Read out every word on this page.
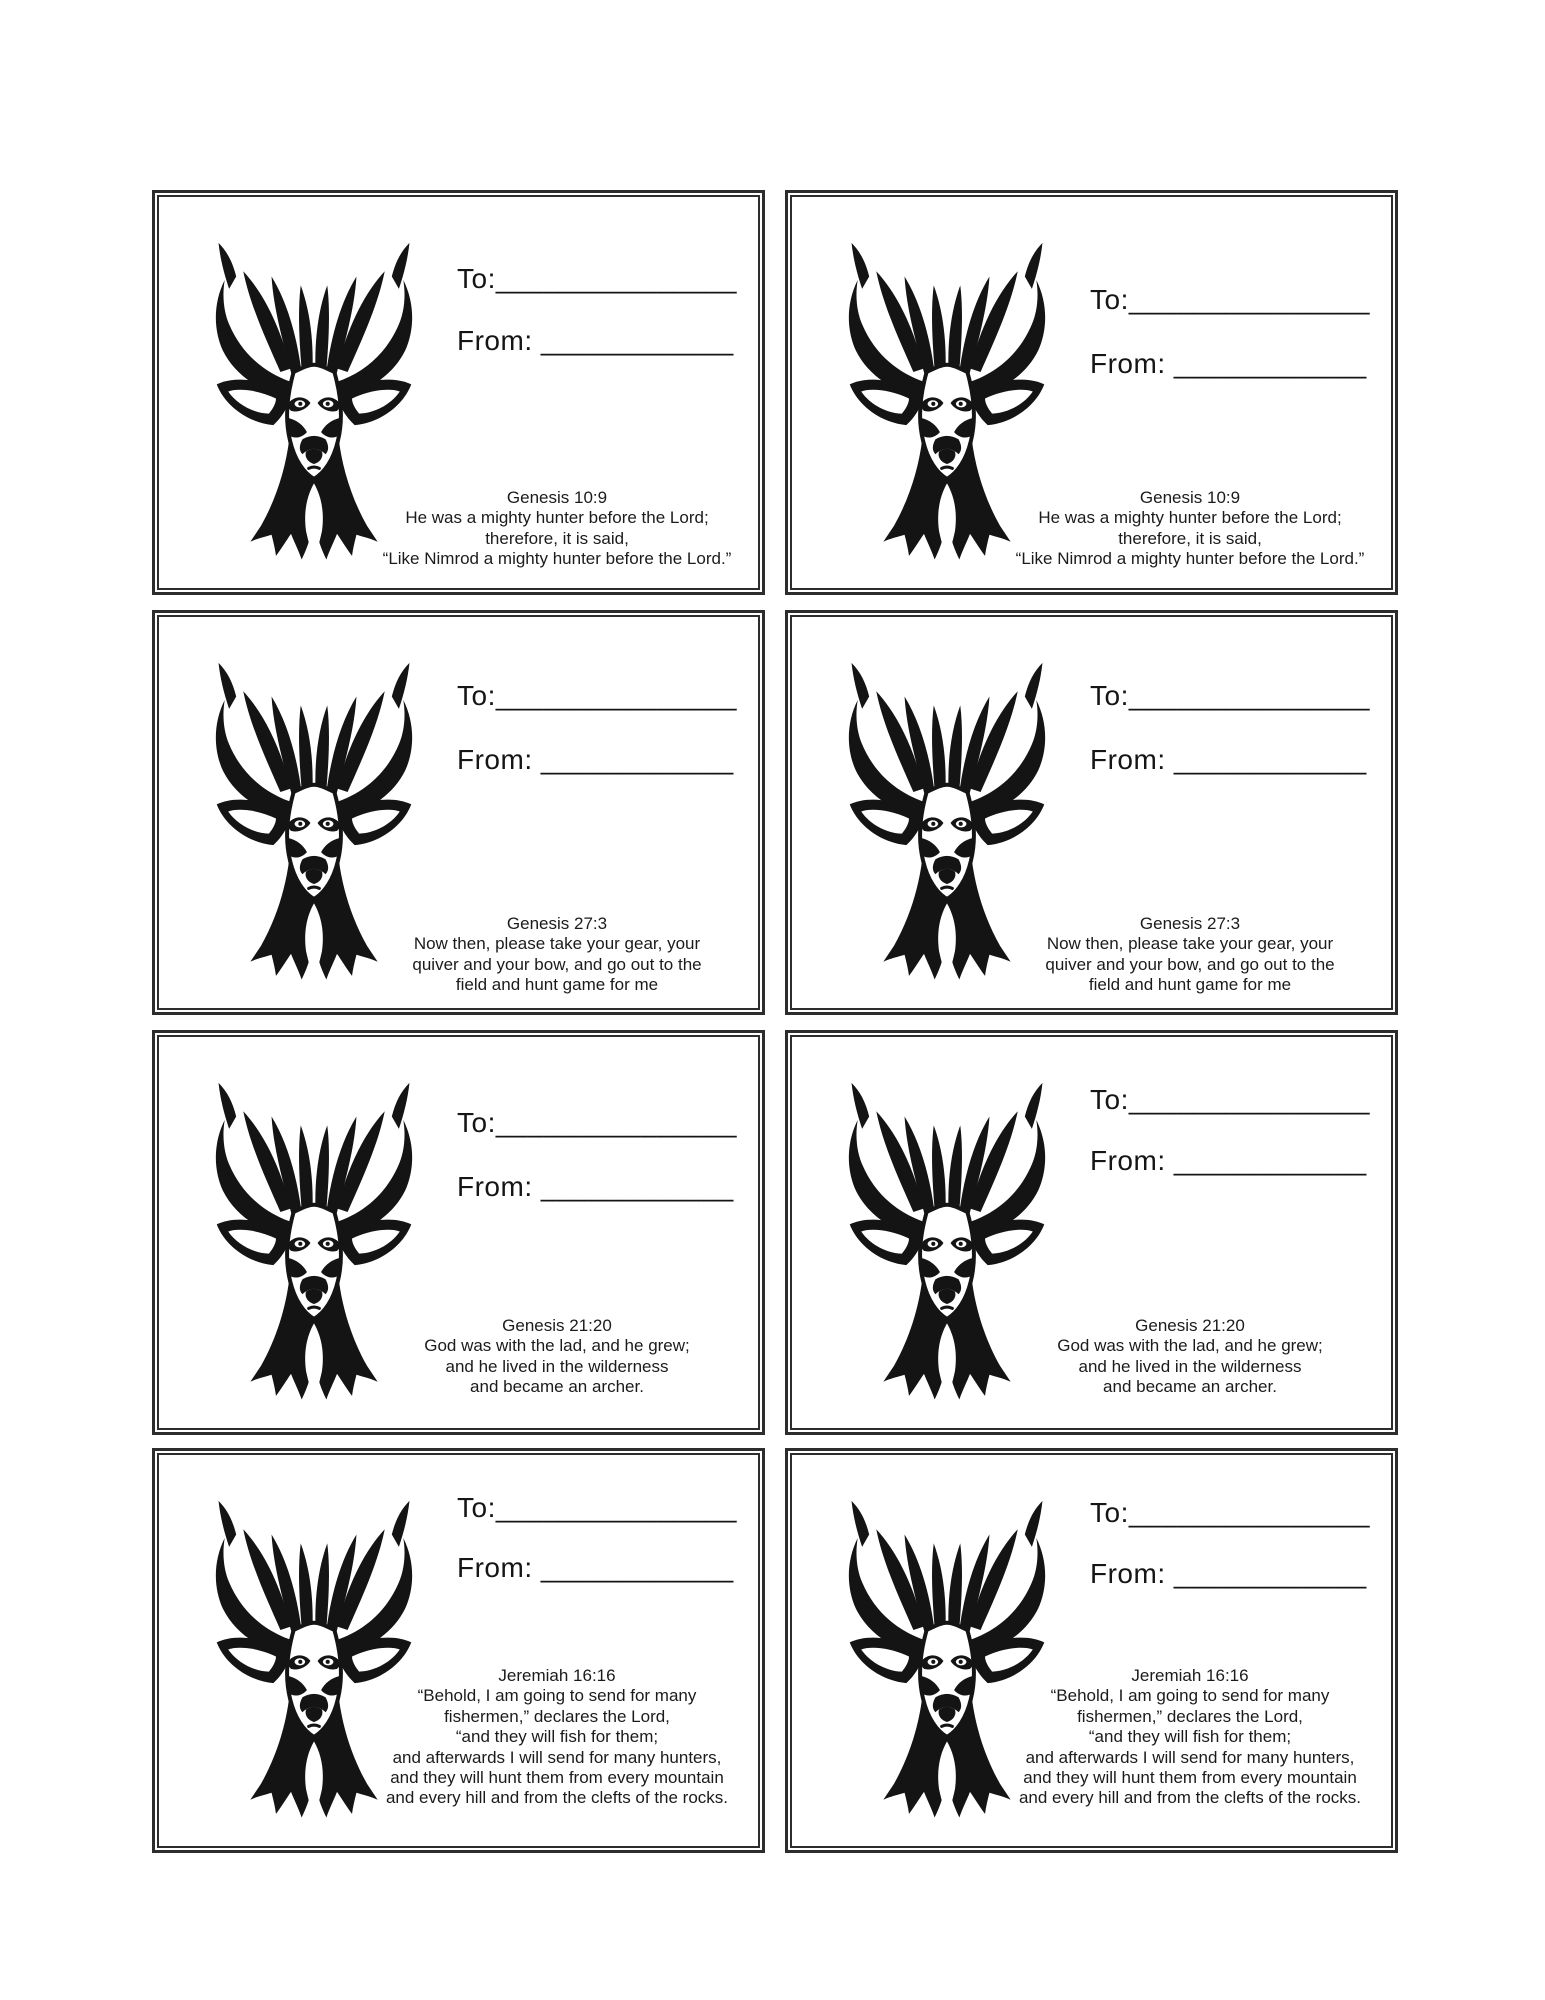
To:_______________
From: ____________
Genesis 10:9
He was a mighty hunter before the Lord;
therefore, it is said,
“Like Nimrod a mighty hunter before the Lord.”
To:_______________
From: ____________
Genesis 10:9
He was a mighty hunter before the Lord;
therefore, it is said,
“Like Nimrod a mighty hunter before the Lord.”
To:_______________
From: ____________
Genesis 27:3
Now then, please take your gear, your
quiver and your bow, and go out to the
field and hunt game for me
To:_______________
From: ____________
Genesis 27:3
Now then, please take your gear, your
quiver and your bow, and go out to the
field and hunt game for me
To:_______________
From: ____________
Genesis 21:20
God was with the lad, and he grew;
and he lived in the wilderness
and became an archer.
To:_______________
From: ____________
Genesis 21:20
God was with the lad, and he grew;
and he lived in the wilderness
and became an archer.
To:_______________
From: ____________
Jeremiah 16:16
“Behold, I am going to send for many
fishermen,” declares the Lord,
“and they will fish for them;
and afterwards I will send for many hunters,
and they will hunt them from every mountain
and every hill and from the clefts of the rocks.
To:_______________
From: ____________
Jeremiah 16:16
“Behold, I am going to send for many
fishermen,” declares the Lord,
“and they will fish for them;
and afterwards I will send for many hunters,
and they will hunt them from every mountain
and every hill and from the clefts of the rocks.
